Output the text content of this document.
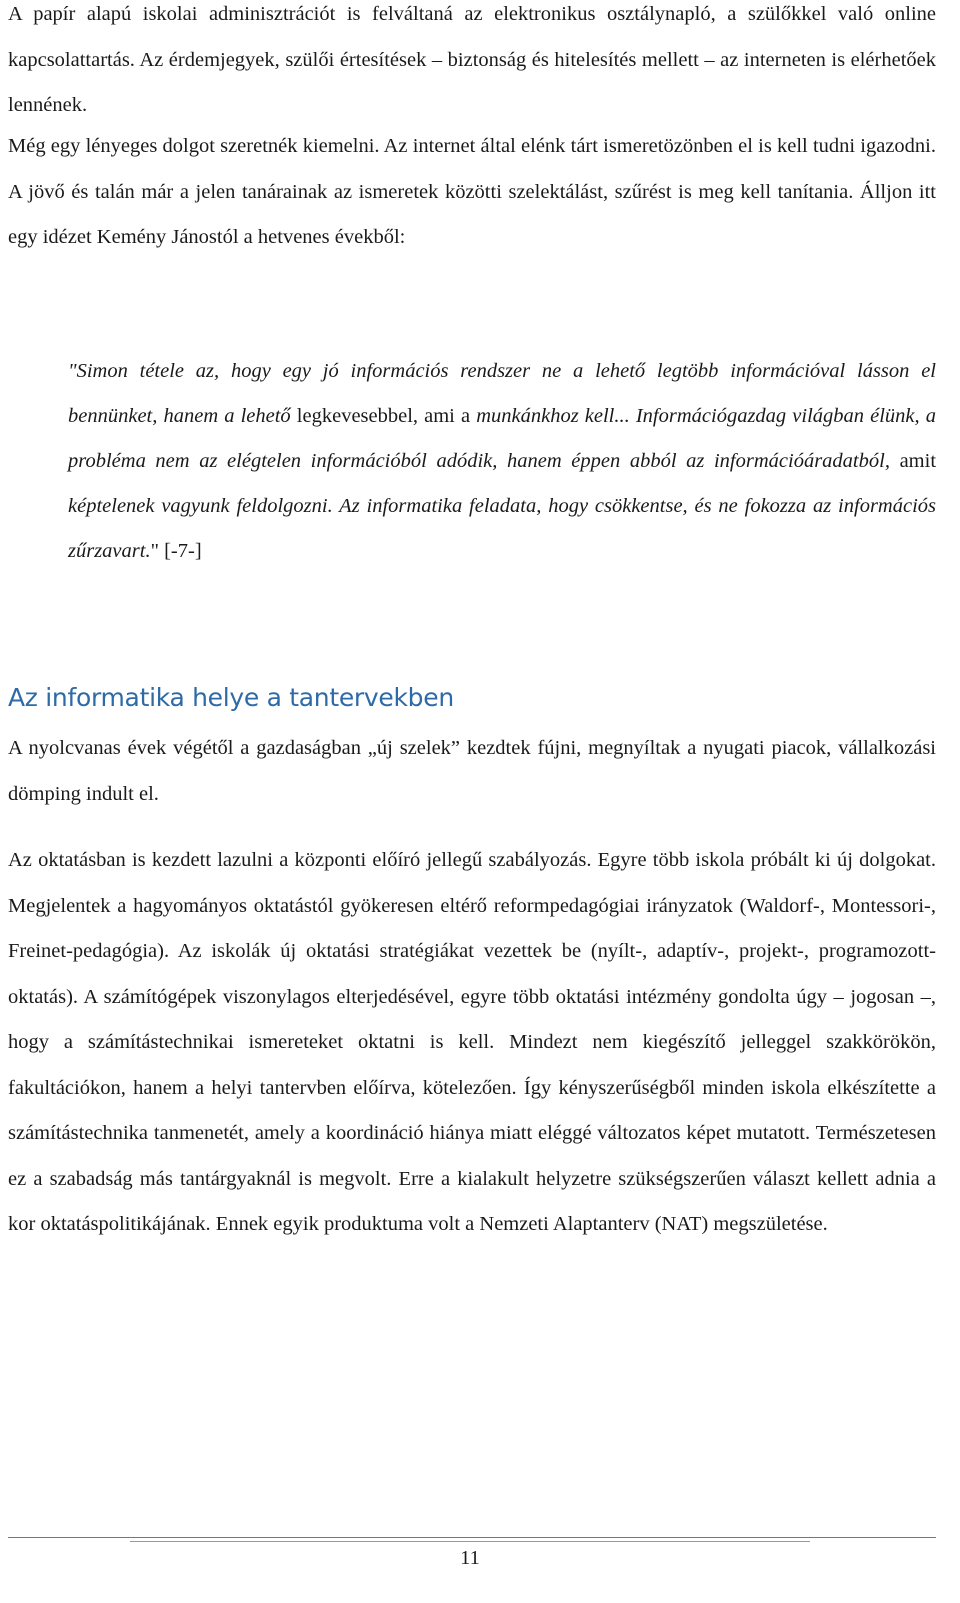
A papír alapú iskolai adminisztrációt is felváltaná az elektronikus osztálynapló, a szülőkkel való online kapcsolattartás. Az érdemjegyek, szülői értesítések – biztonság és hitelesítés mellett – az interneten is elérhetőek lennének.

Még egy lényeges dolgot szeretnék kiemelni. Az internet által elénk tárt ismeretözönben el is kell tudni igazodni. A jövő és talán már a jelen tanárainak az ismeretek közötti szelektálást, szűrést is meg kell tanítania. Álljon itt egy idézet Kemény Jánostól a hetvenes évekből:

"Simon tétele az, hogy egy jó információs rendszer ne a lehető legtöbb információval lásson el bennünket, hanem a lehető legkevesebbel, ami a munkánkhoz kell... Információgazdag világban élünk, a probléma nem az elégtelen információból adódik, hanem éppen abból az információáradatból, amit képtelenek vagyunk feldolgozni. Az informatika feladata, hogy csökkentse, és ne fokozza az információs zűrzavart." [-7-]

Az informatika helye a tantervekben

A nyolcvanas évek végétől a gazdaságban „új szelek” kezdtek fújni, megnyíltak a nyugati piacok, vállalkozási dömping indult el.

Az oktatásban is kezdett lazulni a központi előíró jellegű szabályozás. Egyre több iskola próbált ki új dolgokat. Megjelentek a hagyományos oktatástól gyökeresen eltérő reformpedagógiai irányzatok (Waldorf-, Montessori-, Freinet-pedagógia). Az iskolák új oktatási stratégiákat vezettek be (nyílt-, adaptív-, projekt-, programozott-oktatás). A számítógépek viszonylagos elterjedésével, egyre több oktatási intézmény gondolta úgy – jogosan –, hogy a számítástechnikai ismereteket oktatni is kell. Mindezt nem kiegészítő jelleggel szakkörökön, fakultációkon, hanem a helyi tantervben előírva, kötelezően. Így kényszerűségből minden iskola elkészítette a számítástechnika tanmenetét, amely a koordináció hiánya miatt eléggé változatos képet mutatott. Természetesen ez a szabadság más tantárgyaknál is megvolt. Erre a kialakult helyzetre szükségszerűen választ kellett adnia a kor oktatáspolitikájának. Ennek egyik produktuma volt a Nemzeti Alaptanterv (NAT) megszületése.

11
